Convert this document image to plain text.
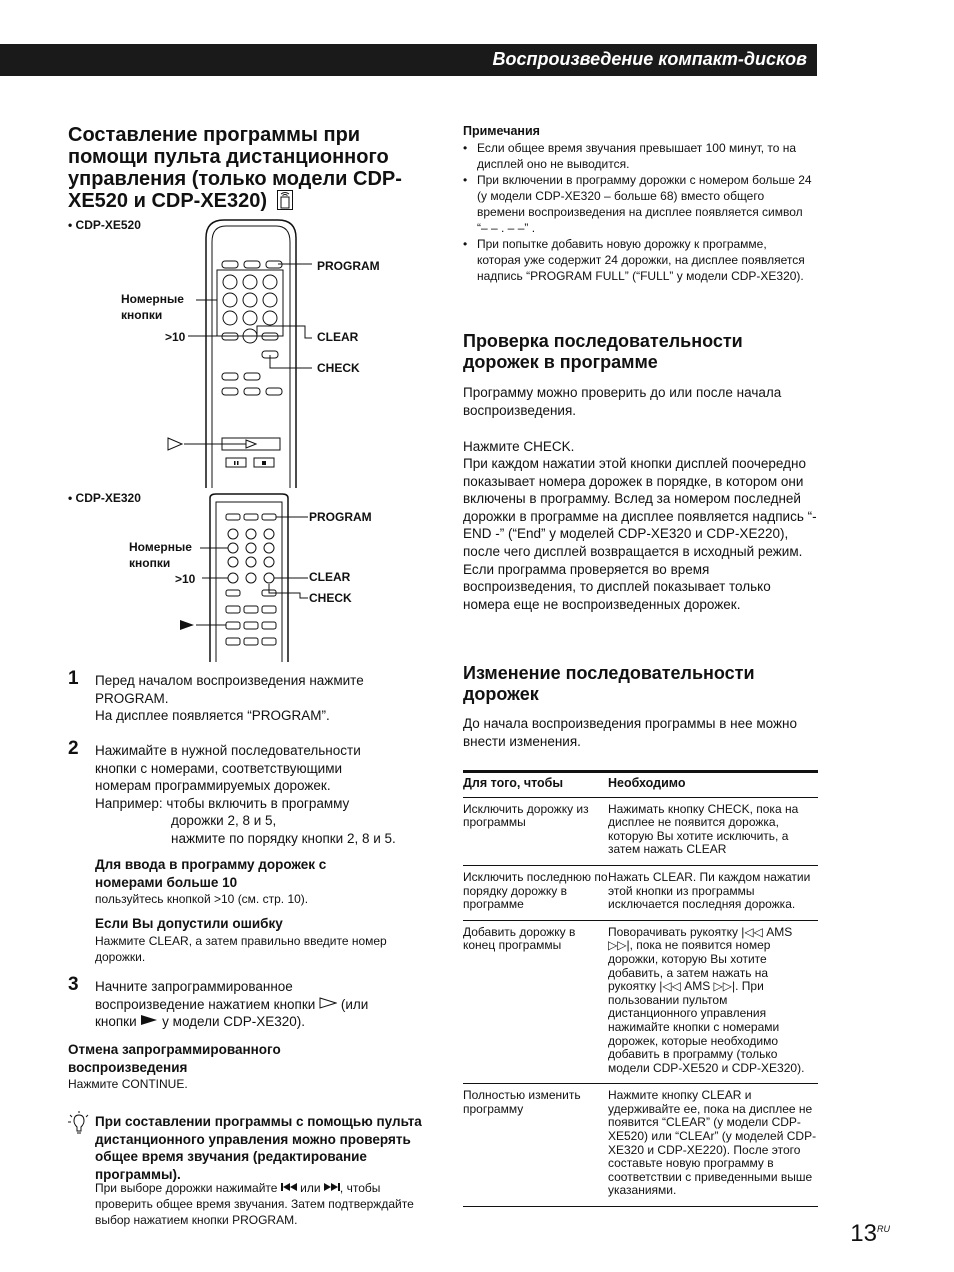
Воспроизведение компакт-дисков
Составление программы при помощи пульта дистанционного управления (только модели CDP-XE520 и CDP-XE320)
• CDP-XE520
PROGRAM
Номерные кнопки
>10	CLEAR
CHECK
• CDP-XE320
PROGRAM
Номерные кнопки
>10	CLEAR
CHECK
1 Перед началом воспроизведения нажмите
PROGRAM.
На дисплее появляется “PROGRAM”.
2 Нажимайте в нужной последовательности
кнопки с номерами, соответствующими
номерам программируемых дорожек.
Например: чтобы включить в программу
дорожки 2, 8 и 5,
нажмите по порядку кнопки 2, 8 и 5.
Для ввода в программу дорожек с номерами больше 10
пользуйтесь кнопкой >10 (см. стр. 10).
Если Вы допустили ошибку
Нажмите CLEAR, а затем правильно введите номер дорожки.
3 Начните запрограммированное
воспроизведение нажатием кнопки (или
кнопки у модели CDP-XE320).
Отмена запрограммированного воспроизведения
Нажмите CONTINUE.
При составлении программы с помощью пульта дистанционного управления можно проверять общее время звучания (редактирование программы).
При выборе дорожки нажимайте или , чтобы проверить общее время звучания. Затем подтверждайте выбор нажатием кнопки PROGRAM.
Примечания
• Если общее время звучания превышает 100 минут, то на дисплей оно не выводится.
• При включении в программу дорожки с номером больше 24 (у модели CDP-XE320 – больше 68) вместо общего времени воспроизведения на дисплее появляется символ “– – . – –” .
• При попытке добавить новую дорожку к программе, которая уже содержит 24 дорожки, на дисплее появляется надпись “PROGRAM FULL” (“FULL” у модели CDP-XE320).
Проверка последовательности дорожек в программе
Программу можно проверить до или после начала воспроизведения.
Нажмите CHECK.
При каждом нажатии этой кнопки дисплей поочередно показывает номера дорожек в порядке, в котором они включены в программу. Вслед за номером последней дорожки в программе на дисплее появляется надпись “- END -” (“End” у моделей CDP-XE320 и CDP-XE220), после чего дисплей возвращается в исходный режим. Если программа проверяется во время воспроизведения, то дисплей показывает только номера еще не воспроизведенных дорожек.
Изменение последовательности дорожек
До начала воспроизведения программы в нее можно внести изменения.
Для того, чтобы	Необходимо
Исключить дорожку из программы	Нажимать кнопку CHECK, пока на дисплее не появится дорожка, которую Вы хотите исключить, а затем нажать CLEAR
Исключить последнюю по порядку дорожку в программе	Нажать CLEAR. Пи каждом нажатии этой кнопки из программы исключается последняя дорожка.
Добавить дорожку в конец программы	Поворачивать рукоятку |◁◁ AMS ▷▷|, пока не появится номер дорожки, которую Вы хотите добавить, а затем нажать на рукоятку |◁◁ AMS ▷▷|. При пользовании пультом дистанционного управления нажимайте кнопки с номерами дорожек, которые необходимо добавить в программу (только модели CDP-XE520 и CDP-XE320).
Полностью изменить программу	Нажмите кнопку CLEAR и удерживайте ее, пока на дисплее не появится “CLEAR” (у модели CDP-XE520) или “CLEAr” (у моделей CDP-XE320 и CDP-XE220). После этого составьте новую программу в соответствии с приведенными выше указаниями.
$13^{RU}$
